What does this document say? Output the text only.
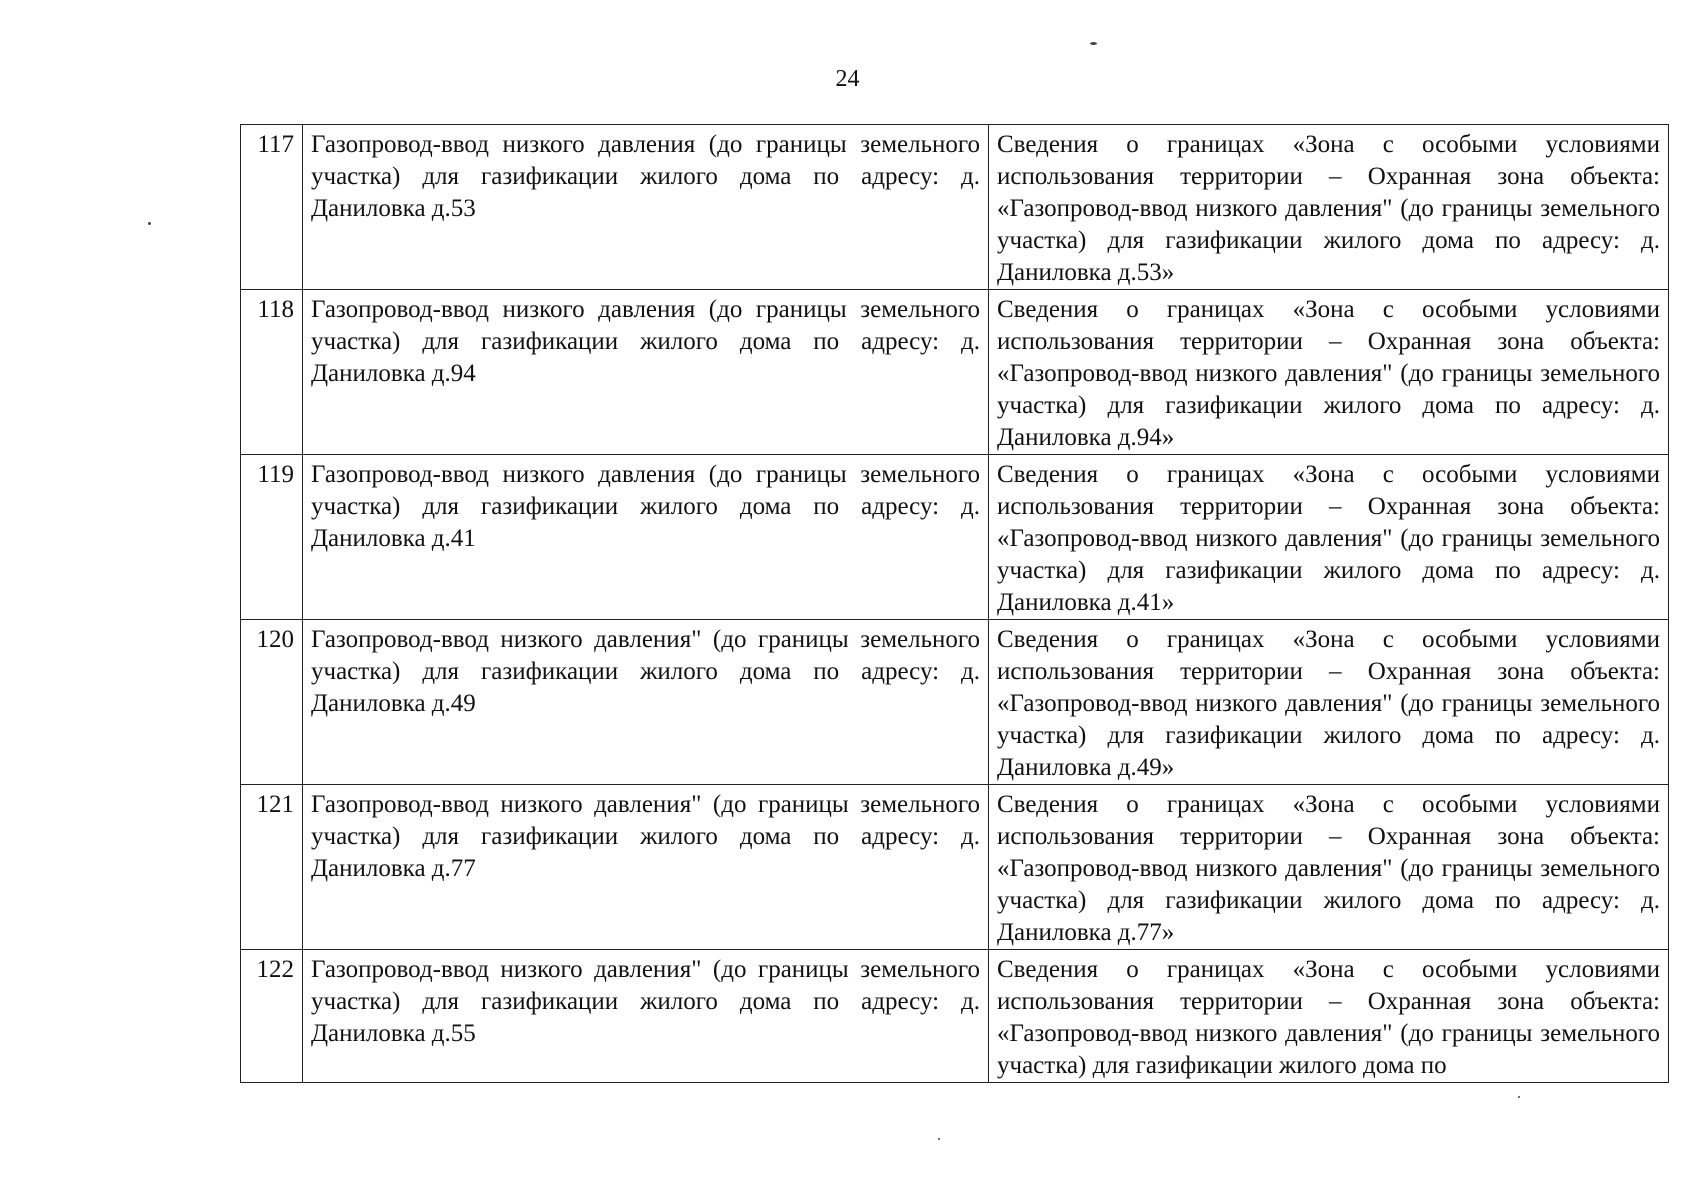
24
117	Газопровод-ввод низкого давления (до границы земельного участка) для газификации жилого дома по адресу: д. Даниловка д.53	Сведения о границах «Зона с особыми условиями использования территории – Охранная зона объекта: «Газопровод-ввод низкого давления" (до границы земельного участка) для газификации жилого дома по адресу: д. Даниловка д.53»

118	Газопровод-ввод низкого давления (до границы земельного участка) для газификации жилого дома по адресу: д. Даниловка д.94	Сведения о границах «Зона с особыми условиями использования территории – Охранная зона объекта: «Газопровод-ввод низкого давления" (до границы земельного участка) для газификации жилого дома по адресу: д. Даниловка д.94»

119	Газопровод-ввод низкого давления (до границы земельного участка) для газификации жилого дома по адресу: д. Даниловка д.41	Сведения о границах «Зона с особыми условиями использования территории – Охранная зона объекта: «Газопровод-ввод низкого давления" (до границы земельного участка) для газификации жилого дома по адресу: д. Даниловка д.41»

120	Газопровод-ввод низкого давления" (до границы земельного участка) для газификации жилого дома по адресу: д. Даниловка д.49	Сведения о границах «Зона с особыми условиями использования территории – Охранная зона объекта: «Газопровод-ввод низкого давления" (до границы земельного участка) для газификации жилого дома по адресу: д. Даниловка д.49»

121	Газопровод-ввод низкого давления" (до границы земельного участка) для газификации жилого дома по адресу: д. Даниловка д.77	Сведения о границах «Зона с особыми условиями использования территории – Охранная зона объекта: «Газопровод-ввод низкого давления" (до границы земельного участка) для газификации жилого дома по адресу: д. Даниловка д.77»

122	Газопровод-ввод низкого давления" (до границы земельного участка) для газификации жилого дома по адресу: д. Даниловка д.55	Сведения о границах «Зона с особыми условиями использования территории – Охранная зона объекта: «Газопровод-ввод низкого давления" (до границы земельного участка) для газификации жилого дома по
